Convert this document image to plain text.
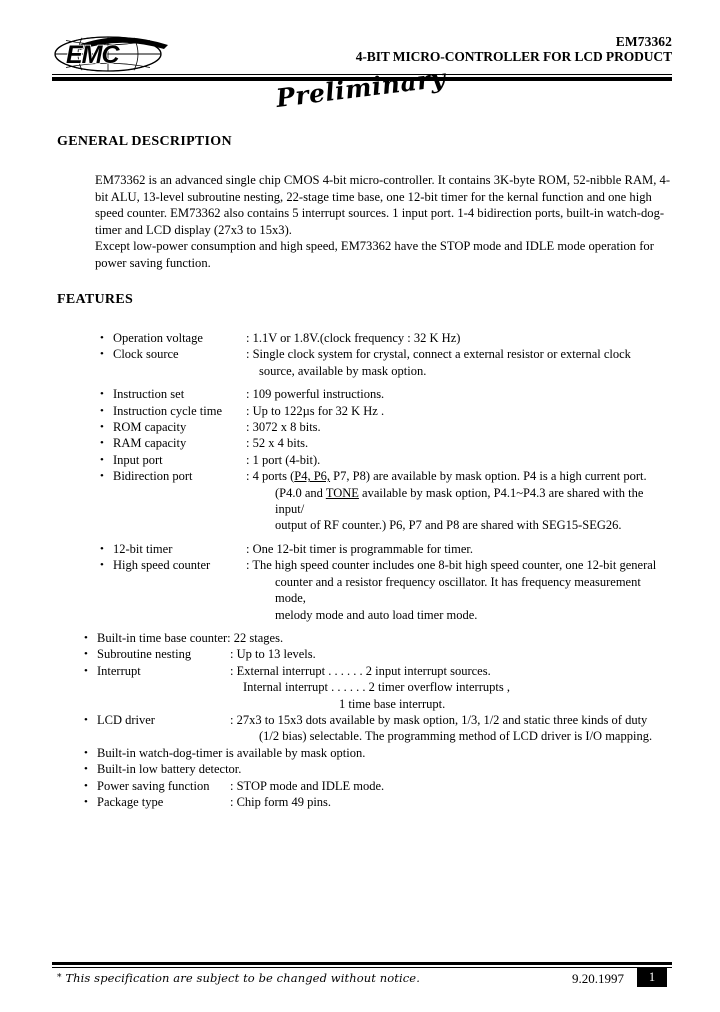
EMC	EM73362
4-BIT MICRO-CONTROLLER FOR LCD PRODUCT
Preliminary
GENERAL DESCRIPTION

EM73362 is an advanced single chip CMOS 4-bit micro-controller. It contains 3K-byte ROM, 52-nibble RAM, 4-bit ALU, 13-level subroutine nesting, 22-stage time base, one 12-bit timer for the kernal function and one high speed counter. EM73362 also contains 5 interrupt sources. 1 input port. 1-4 bidirection ports, built-in watch-dog-timer and LCD display (27x3 to 15x3).

Except low-power consumption and high speed, EM73362 have the STOP mode and IDLE mode operation for power saving function.

FEATURES
• Operation voltage	: 1.1V or 1.8V.(clock frequency : 32 K Hz)
• Clock source	: Single clock system for crystal, connect a external resistor or external clock
source, available by mask option.
• Instruction set	: 109 powerful instructions.
• Instruction cycle time	: Up to 122µs for 32 K Hz .
• ROM capacity	: 3072 x 8 bits.
• RAM capacity	: 52 x 4 bits.
• Input port	: 1 port (4-bit).
• Bidirection port	: 4 ports (P4, P6, P7, P8) are available by mask option. P4 is a high current port.
(P4.0 and TONE available by mask option, P4.1~P4.3 are shared with the input/
output of RF counter.) P6, P7 and P8 are shared with SEG15-SEG26.
• 12-bit timer	: One 12-bit timer is programmable for timer.
• High speed counter	: The high speed counter includes one 8-bit high speed counter, one 12-bit general
counter and a resistor frequency oscillator. It has frequency measurement mode,
melody mode and auto load timer mode.
• Built-in time base counter: 22 stages.
• Subroutine nesting	: Up to 13 levels.
• Interrupt	: External interrupt . . . . . . 2 input interrupt sources.
Internal interrupt . . . . . . 2 timer overflow interrupts ,
1 time base interrupt.
• LCD driver	: 27x3 to 15x3 dots available by mask option, 1/3, 1/2 and static three kinds of duty
(1/2 bias) selectable. The programming method of LCD driver is I/O mapping.
• Built-in watch-dog-timer is available by mask option.
• Built-in low battery detector.
• Power saving function	: STOP mode and IDLE mode.
• Package type	: Chip form 49 pins.
* This specification are subject to be changed without notice.	9.20.1997	1
